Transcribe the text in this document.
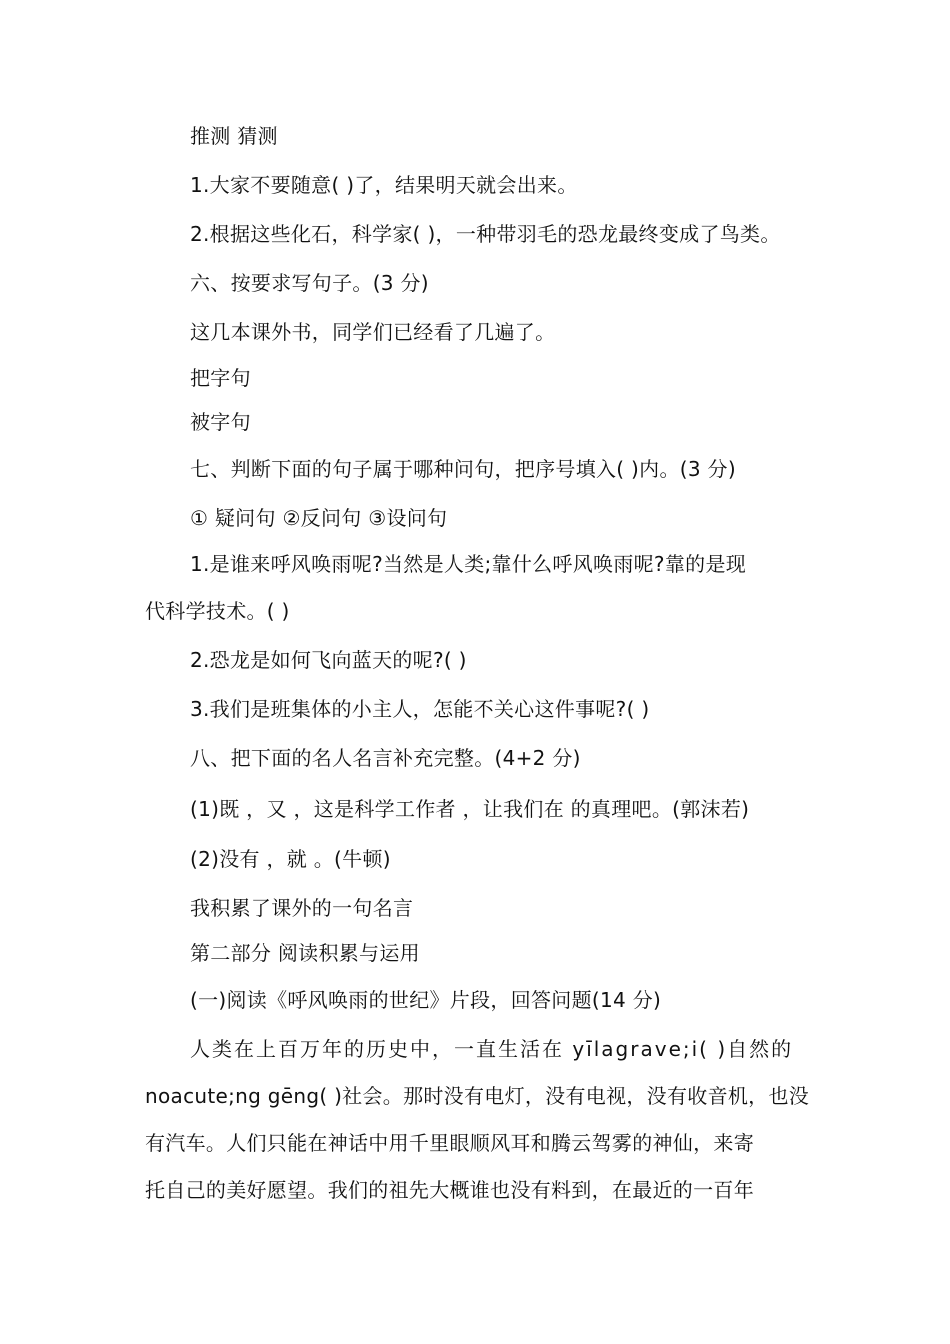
推测 猜测
1.大家不要随意( )了，结果明天就会出来。
2.根据这些化石，科学家( )，一种带羽毛的恐龙最终变成了鸟类。
六、按要求写句子。(3 分)
这几本课外书，同学们已经看了几遍了。
把字句
被字句
七、判断下面的句子属于哪种问句，把序号填入( )内。(3 分)
① 疑问句 ②反问句 ③设问句
1.是谁来呼风唤雨呢?当然是人类;靠什么呼风唤雨呢?靠的是现
代科学技术。( )
2.恐龙是如何飞向蓝天的呢?( )
3.我们是班集体的小主人，怎能不关心这件事呢?( )
八、把下面的名人名言补充完整。(4+2 分)
(1)既 ，又 ，这是科学工作者 ，让我们在 的真理吧。(郭沫若)
(2)没有 ，就 。(牛顿)
我积累了课外的一句名言
第二部分 阅读积累与运用
(一)阅读《呼风唤雨的世纪》片段，回答问题(14 分)
人类在上百万年的历史中，一直生活在 yīlagrave;i( )自然的
noacute;ng gēng( )社会。那时没有电灯，没有电视，没有收音机，也没
有汽车。人们只能在神话中用千里眼顺风耳和腾云驾雾的神仙，来寄
托自己的美好愿望。我们的祖先大概谁也没有料到，在最近的一百年
